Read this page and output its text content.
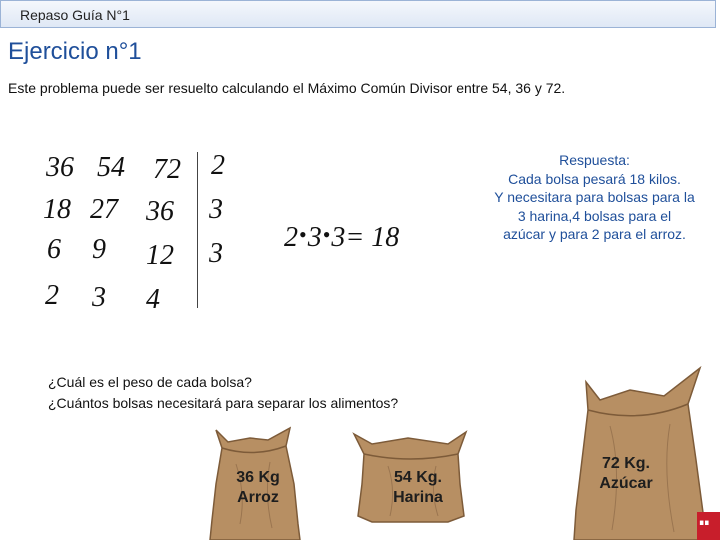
Repaso Guía N°1
Ejercicio n°1
Este problema puede ser resuelto calculando el Máximo Común Divisor entre 54, 36 y 72.
36 54 72 2
18 27 36 3
6 9 12 3
2 3 4
2•3•3= 18
Respuesta:
Cada bolsa pesará 18 kilos.
Y necesitara para bolsas para la
3 harina,4 bolsas para el
azúcar y para 2 para el arroz.
¿Cuál es el peso de cada bolsa?
¿Cuántos bolsas necesitará para separar los alimentos?
36 Kg
Arroz
54 Kg.
Harina
72 Kg.
Azúcar
∎∎
